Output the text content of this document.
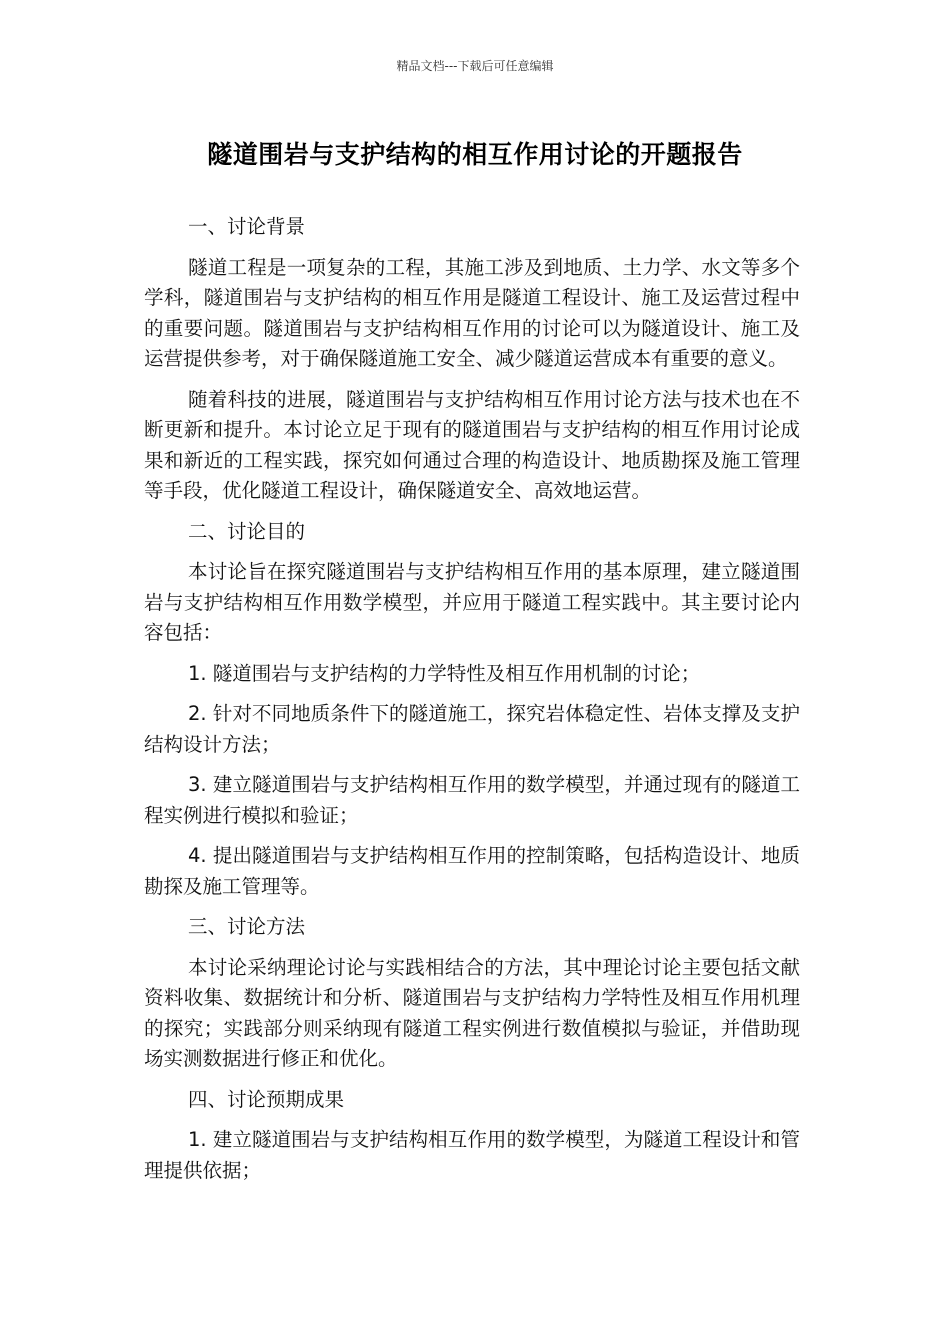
精品文档---下载后可任意编辑
隧道围岩与支护结构的相互作用讨论的开题报告

一、讨论背景

隧道工程是一项复杂的工程，其施工涉及到地质、土力学、水文等多个学科，隧道围岩与支护结构的相互作用是隧道工程设计、施工及运营过程中的重要问题。隧道围岩与支护结构相互作用的讨论可以为隧道设计、施工及运营提供参考，对于确保隧道施工安全、减少隧道运营成本有重要的意义。

随着科技的进展，隧道围岩与支护结构相互作用讨论方法与技术也在不断更新和提升。本讨论立足于现有的隧道围岩与支护结构的相互作用讨论成果和新近的工程实践，探究如何通过合理的构造设计、地质勘探及施工管理等手段，优化隧道工程设计，确保隧道安全、高效地运营。

二、讨论目的

本讨论旨在探究隧道围岩与支护结构相互作用的基本原理，建立隧道围岩与支护结构相互作用数学模型，并应用于隧道工程实践中。其主要讨论内容包括：

1. 隧道围岩与支护结构的力学特性及相互作用机制的讨论；

2. 针对不同地质条件下的隧道施工，探究岩体稳定性、岩体支撑及支护结构设计方法；

3. 建立隧道围岩与支护结构相互作用的数学模型，并通过现有的隧道工程实例进行模拟和验证；

4. 提出隧道围岩与支护结构相互作用的控制策略，包括构造设计、地质勘探及施工管理等。

三、讨论方法

本讨论采纳理论讨论与实践相结合的方法，其中理论讨论主要包括文献资料收集、数据统计和分析、隧道围岩与支护结构力学特性及相互作用机理的探究；实践部分则采纳现有隧道工程实例进行数值模拟与验证，并借助现场实测数据进行修正和优化。

四、讨论预期成果

1. 建立隧道围岩与支护结构相互作用的数学模型，为隧道工程设计和管理提供依据；
